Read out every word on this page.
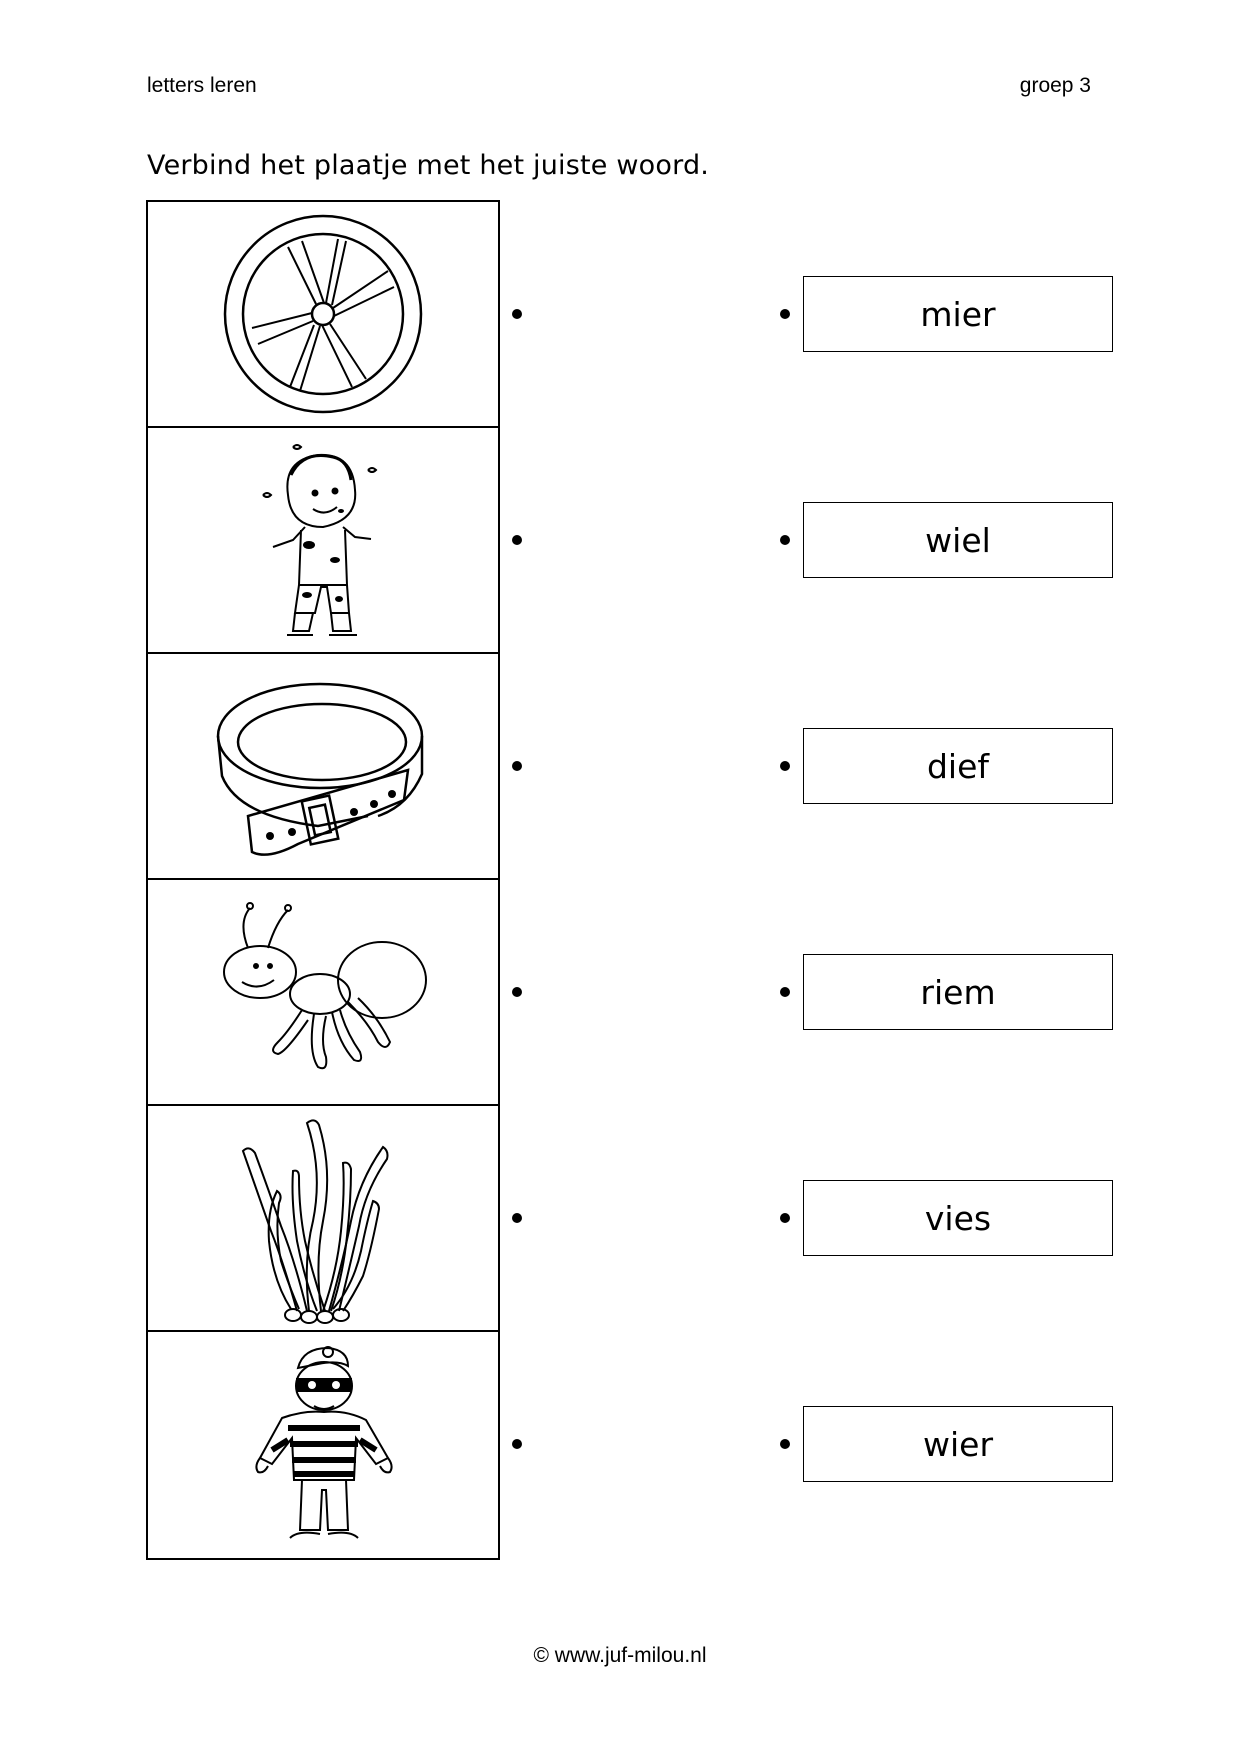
letters leren	groep 3
Verbind het plaatje met het juiste woord.
mier
wiel
dief
riem
vies
wier
© www.juf-milou.nl
